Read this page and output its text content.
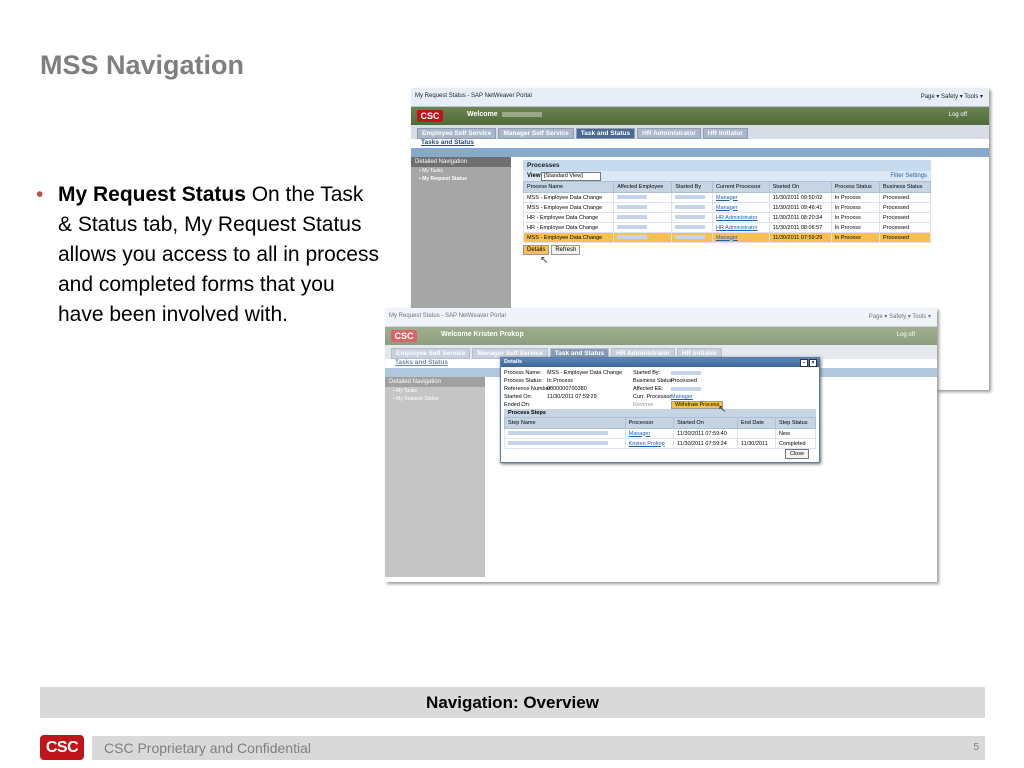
MSS Navigation
• My Request Status On the Task & Status tab, My Request Status allows you access to all in process and completed forms that you have been involved with.
My Request Status - SAP NetWeaver Portal	Page ▾ Safety ▾ Tools ▾
CSC	Welcome	Log off
Employee Self Service	Manager Self Service	Task and Status	HR Administrator	HR Initiator
Tasks and Status
Detailed Navigation
• My Tasks
• My Request Status
Processes
View [Standard View]	Filter Settings
Process Name	Affected Employee	Started By	Current Processor	Started On	Process Status	Business Status
MSS - Employee Data Change			Manager	11/30/2011 09:50:02	In Process	Processed
MSS - Employee Data Change			Manager	11/30/2011 09:46:41	In Process	Processed
HR - Employee Data Change			HR Administrator	11/30/2011 08:20:34	In Process	Processed
HR - Employee Data Change			HR Administrator	11/30/2011 08:06:57	In Process	Processed
MSS - Employee Data Change			Manager	11/30/2011 07:59:29	In Process	Processed
Details	Refresh
↖
My Request Status - SAP NetWeaver Portal	Page ▾ Safety ▾ Tools ▾
CSC	Welcome Kristen Prokop	Log off
Employee Self Service	Manager Self Service	Task and Status	HR Administrator	HR Initiator
Tasks and Status
Detailed Navigation
• My Tasks
• My Request Status
Details	–	×
Process Name: MSS - Employee Data Change
Process Status: In Process
Reference Number:
0000000700380
Started On:	11/30/2011 07:59:29
Ended On:
Started By:
Business Status:
Processed
Affected EE:
Curr. Processor:
Manager
Reverse	Withdraw Process
Process Steps
Step Name	Processor	Started On	End Date	Step Status
	Manager	11/30/2011 07:59:40		New
	Kristen Prokop	11/30/2011 07:59:24	11/30/2011	Completed
Close
↖
Navigation: Overview
CSC	CSC Proprietary and Confidential	5
